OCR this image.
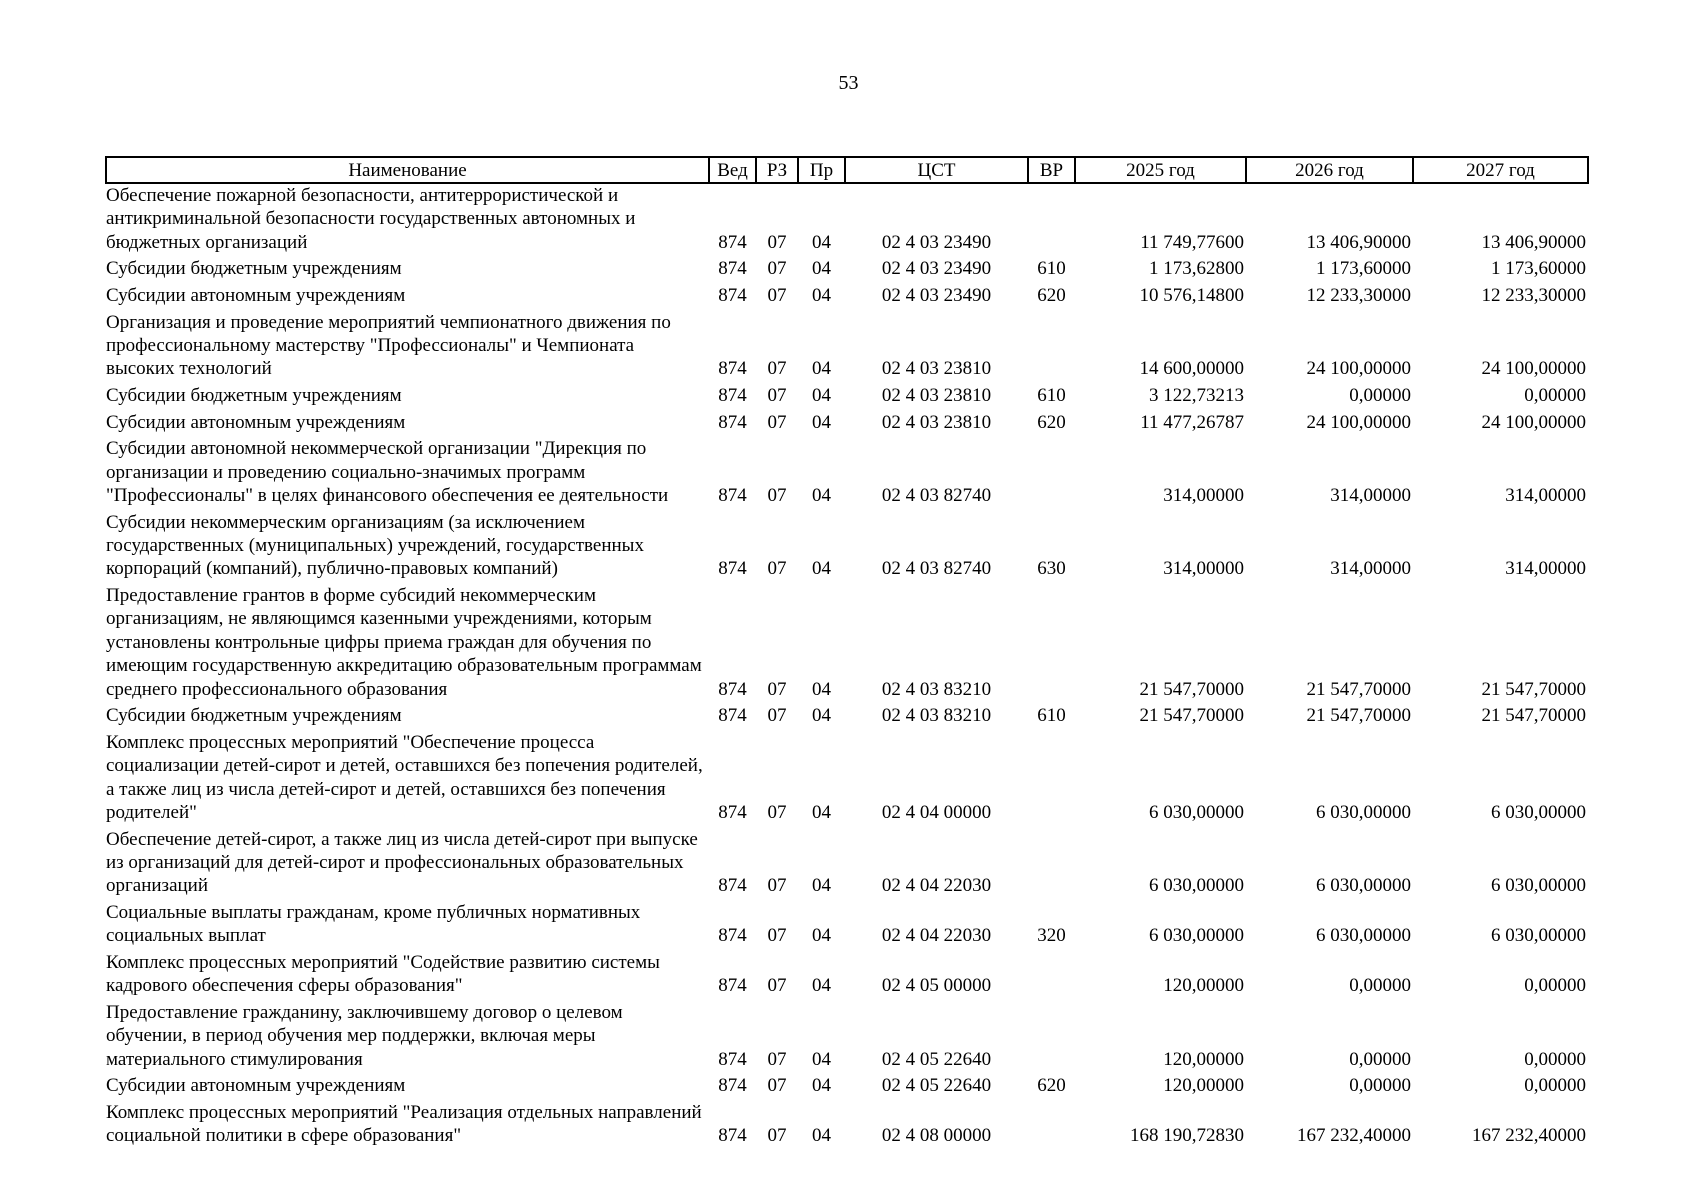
53
Наименование	Вед	РЗ	Пр	ЦСТ	ВР	2025 год	2026 год	2027 год
Обеспечение пожарной безопасности, антитеррористической и антикриминальной безопасности государственных автономных и бюджетных организаций	874	07	04	02 4 03 23490		11 749,77600	13 406,90000	13 406,90000
Субсидии бюджетным учреждениям	874	07	04	02 4 03 23490	610	1 173,62800	1 173,60000	1 173,60000
Субсидии автономным учреждениям	874	07	04	02 4 03 23490	620	10 576,14800	12 233,30000	12 233,30000
Организация и проведение мероприятий чемпионатного движения по профессиональному мастерству "Профессионалы" и Чемпионата высоких технологий	874	07	04	02 4 03 23810		14 600,00000	24 100,00000	24 100,00000
Субсидии бюджетным учреждениям	874	07	04	02 4 03 23810	610	3 122,73213	0,00000	0,00000
Субсидии автономным учреждениям	874	07	04	02 4 03 23810	620	11 477,26787	24 100,00000	24 100,00000
Субсидии автономной некоммерческой организации "Дирекция по организации и проведению социально-значимых программ "Профессионалы" в целях финансового обеспечения ее деятельности	874	07	04	02 4 03 82740		314,00000	314,00000	314,00000
Субсидии некоммерческим организациям (за исключением государственных (муниципальных) учреждений, государственных корпораций (компаний), публично-правовых компаний)	874	07	04	02 4 03 82740	630	314,00000	314,00000	314,00000
Предоставление грантов в форме субсидий некоммерческим организациям, не являющимся казенными учреждениями, которым установлены контрольные цифры приема граждан для обучения по имеющим государственную аккредитацию образовательным программам среднего профессионального образования	874	07	04	02 4 03 83210		21 547,70000	21 547,70000	21 547,70000
Субсидии бюджетным учреждениям	874	07	04	02 4 03 83210	610	21 547,70000	21 547,70000	21 547,70000
Комплекс процессных мероприятий "Обеспечение процесса социализации детей-сирот и детей, оставшихся без попечения родителей, а также лиц из числа детей-сирот и детей, оставшихся без попечения родителей"	874	07	04	02 4 04 00000		6 030,00000	6 030,00000	6 030,00000
Обеспечение детей-сирот, а также лиц из числа детей-сирот при выпуске из организаций для детей-сирот и профессиональных образовательных организаций	874	07	04	02 4 04 22030		6 030,00000	6 030,00000	6 030,00000
Социальные выплаты гражданам, кроме публичных нормативных социальных выплат	874	07	04	02 4 04 22030	320	6 030,00000	6 030,00000	6 030,00000
Комплекс процессных мероприятий "Содействие развитию системы кадрового обеспечения сферы образования"	874	07	04	02 4 05 00000		120,00000	0,00000	0,00000
Предоставление гражданину, заключившему договор о целевом обучении, в период обучения мер поддержки, включая меры материального стимулирования	874	07	04	02 4 05 22640		120,00000	0,00000	0,00000
Субсидии автономным учреждениям	874	07	04	02 4 05 22640	620	120,00000	0,00000	0,00000
Комплекс процессных мероприятий "Реализация отдельных направлений социальной политики в сфере образования"	874	07	04	02 4 08 00000		168 190,72830	167 232,40000	167 232,40000
